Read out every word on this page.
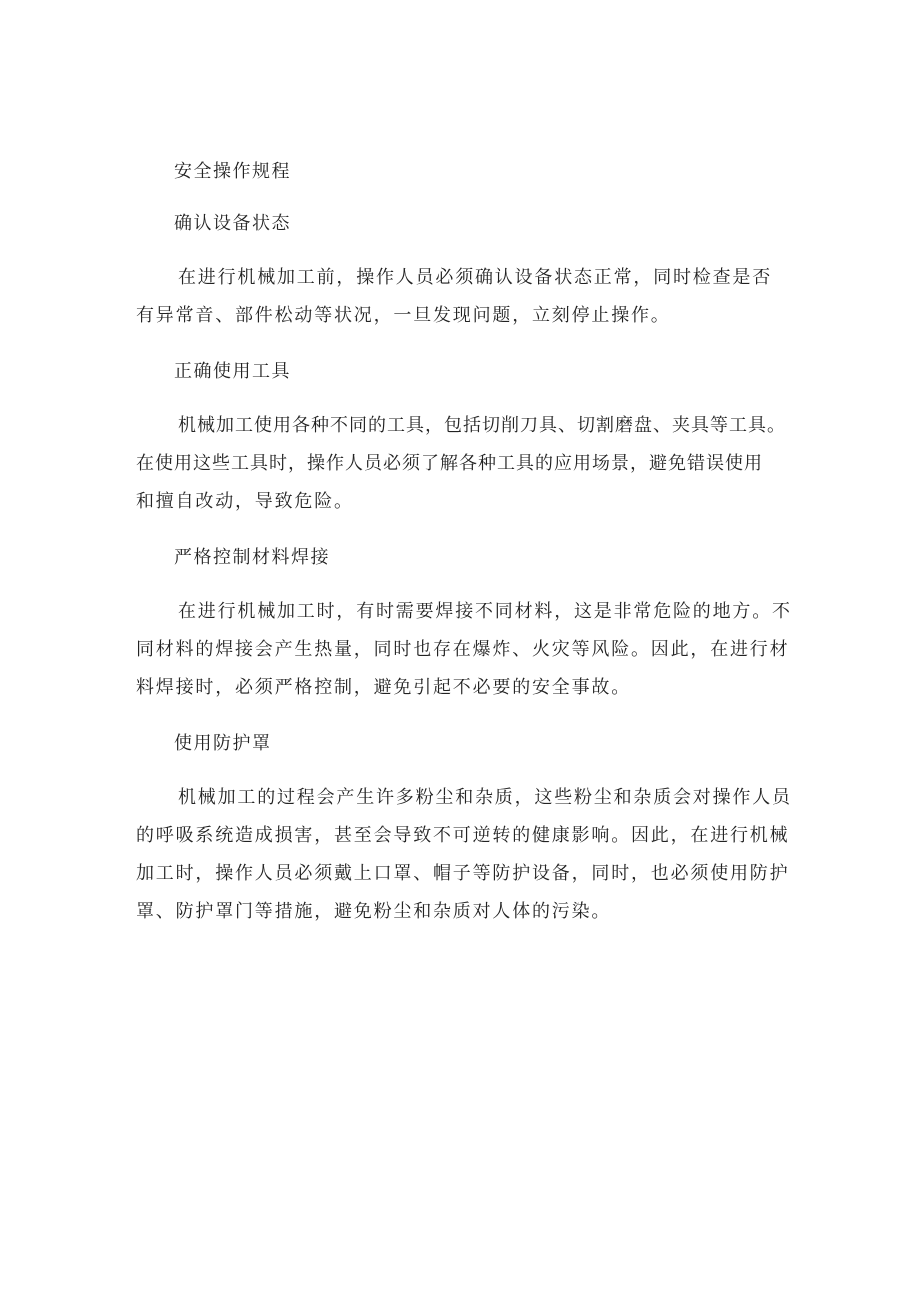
安全操作规程
确认设备状态
在进行机械加工前，操作人员必须确认设备状态正常，同时检查是否
有异常音、部件松动等状况，一旦发现问题，立刻停止操作。
正确使用工具
机械加工使用各种不同的工具，包括切削刀具、切割磨盘、夹具等工具。
在使用这些工具时，操作人员必须了解各种工具的应用场景，避免错误使用
和擅自改动，导致危险。
严格控制材料焊接
在进行机械加工时，有时需要焊接不同材料，这是非常危险的地方。不
同材料的焊接会产生热量，同时也存在爆炸、火灾等风险。因此，在进行材
料焊接时，必须严格控制，避免引起不必要的安全事故。
使用防护罩
机械加工的过程会产生许多粉尘和杂质，这些粉尘和杂质会对操作人员
的呼吸系统造成损害，甚至会导致不可逆转的健康影响。因此，在进行机械
加工时，操作人员必须戴上口罩、帽子等防护设备，同时，也必须使用防护
罩、防护罩门等措施，避免粉尘和杂质对人体的污染。
